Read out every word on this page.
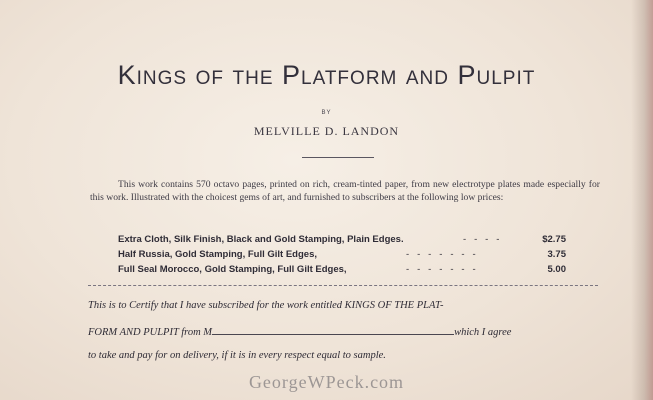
Kings of the Platform and Pulpit
BY
MELVILLE D. LANDON
This work contains 570 octavo pages, printed on rich, cream-tinted paper, from new electrotype plates made especially for this work. Illustrated with the choicest gems of art, and furnished to subscribers at the following low prices:
Extra Cloth, Silk Finish, Black and Gold Stamping, Plain Edges.	-   -   -   -	$2.75
Half Russia, Gold Stamping, Full Gilt Edges,	-   -   -   -   -   -   -	3.75
Full Seal Morocco, Gold Stamping, Full Gilt Edges,	-   -   -   -   -   -   -	5.00
This is to Certify that I have subscribed for the work entitled KINGS OF THE PLAT-
FORM AND PULPIT from M	which I agree
to take and pay for on delivery, if it is in every respect equal to sample.
GeorgeWPeck.com
